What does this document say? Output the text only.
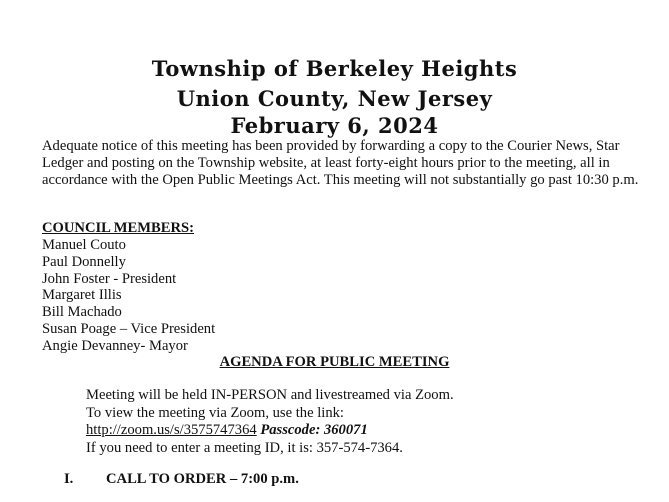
Township of Berkeley Heights
Union County, New Jersey
February 6, 2024
Adequate notice of this meeting has been provided by forwarding a copy to the Courier News, Star Ledger and posting on the Township website, at least forty-eight hours prior to the meeting, all in accordance with the Open Public Meetings Act. This meeting will not substantially go past 10:30 p.m.
COUNCIL MEMBERS:
Manuel Couto
Paul Donnelly
John Foster - President
Margaret Illis
Bill Machado
Susan Poage – Vice President
Angie Devanney- Mayor
AGENDA FOR PUBLIC MEETING
Meeting will be held IN-PERSON and livestreamed via Zoom.
To view the meeting via Zoom, use the link:
http://zoom.us/s/3575747364 Passcode: 360071
If you need to enter a meeting ID, it is: 357-574-7364.
I. CALL TO ORDER – 7:00 p.m.
